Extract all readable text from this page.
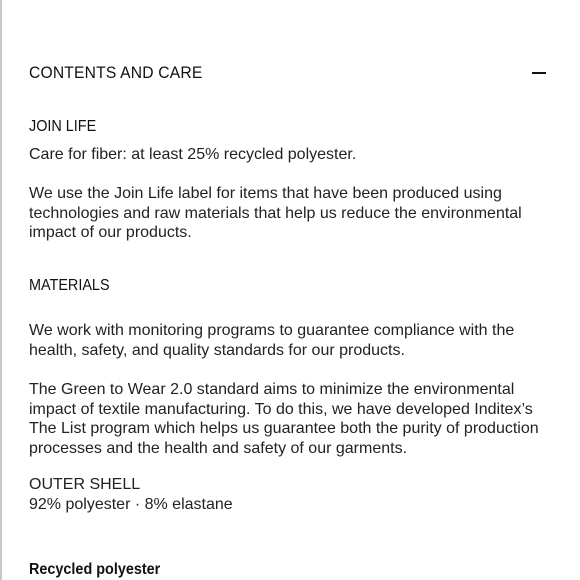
CONTENTS AND CARE
JOIN LIFE
Care for fiber: at least 25% recycled polyester.
We use the Join Life label for items that have been produced using technologies and raw materials that help us reduce the environmental impact of our products.
MATERIALS
We work with monitoring programs to guarantee compliance with the health, safety, and quality standards for our products.
The Green to Wear 2.0 standard aims to minimize the environmental impact of textile manufacturing. To do this, we have developed Inditex’s The List program which helps us guarantee both the purity of production processes and the health and safety of our garments.
OUTER SHELL
92% polyester · 8% elastane
Recycled polyester
